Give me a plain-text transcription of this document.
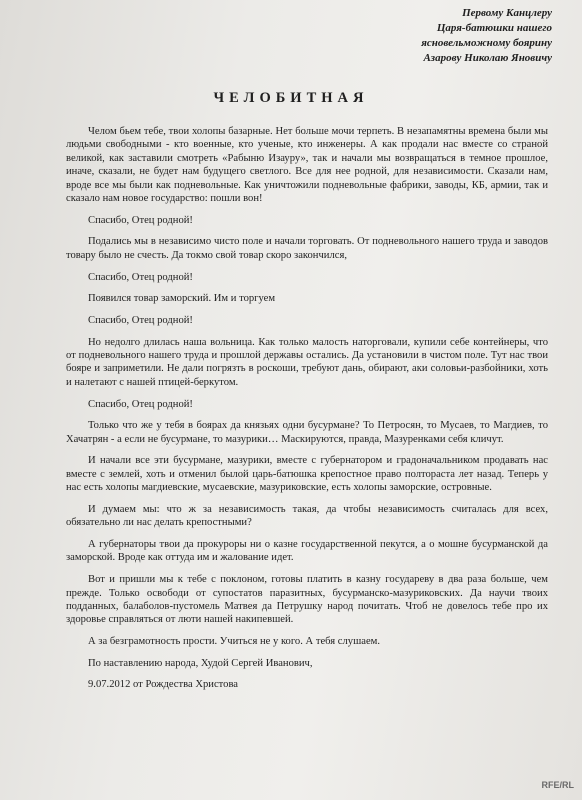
Первому Канцлеру
Царя-батюшки нашего
ясновельможному боярину
Азарову Николаю Яновичу
ЧЕЛОБИТНАЯ

Челом бьем тебе, твои холопы базарные. Нет больше мочи терпеть. В незапамятны времена были мы людьми свободными - кто военные, кто ученые, кто инженеры. А как продали нас вместе со страной великой, как заставили смотреть «Рабыню Изауру», так и начали мы возвращаться в темное прошлое, иначе, сказали, не будет нам будущего светлого. Все для нее родной, для независимости. Сказали нам, вроде все мы были как подневольные. Как уничтожили подневольные фабрики, заводы, КБ, армии, так и сказало нам новое государство: пошли вон!

Спасибо, Отец родной!

Подались мы в независимо чисто поле и начали торговать. От подневольного нашего труда и заводов товару было не счесть. Да токмо свой товар скоро закончился,

Спасибо, Отец родной!

Появился товар заморский. Им и торгуем

Спасибо, Отец родной!

Но недолго длилась наша вольница. Как только малость наторговали, купили себе контейнеры, что от подневольного нашего труда и прошлой державы остались. Да установили в чистом поле. Тут нас твои бояре и заприметили. Не дали погрязть в роскоши, требуют дань, обирают, аки соловьи-разбойники, хоть и налетают с нашей птицей-беркутом.

Спасибо, Отец родной!

Только что же у тебя в боярах да князьях одни бусурмане? То Петросян, то Мусаев, то Магдиев, то Хачатрян - а если не бусурмане, то мазурики… Маскируются, правда, Мазуренками себя кличут.

И начали все эти бусурмане, мазурики, вместе с губернатором и градоначальником продавать нас вместе с землей, хоть и отменил былой царь-батюшка крепостное право полтораста лет назад. Теперь у нас есть холопы магдиевские, мусаевские, мазуриковские, есть холопы заморские, островные.

И думаем мы: что ж за независимость такая, да чтобы независимость считалась для всех, обязательно ли нас делать крепостными?

А губернаторы твои да прокуроры ни о казне государственной пекутся, а о мошне бусурманской да заморской. Вроде как оттуда им и жалование идет.

Вот и пришли мы к тебе с поклоном, готовы платить в казну государеву в два раза больше, чем прежде. Только освободи от супостатов паразитных, бусурманско-мазуриковских. Да научи твоих подданных, балаболов-пустомель Матвея да Петрушку народ почитать. Чтоб не довелось тебе про их здоровье справляться от люти нашей накипевшей.

А за безграмотность прости. Учиться не у кого. А тебя слушаем.

По наставлению народа, Худой Сергей Иванович,

9.07.2012 от Рождества Христова

RFE/RL
